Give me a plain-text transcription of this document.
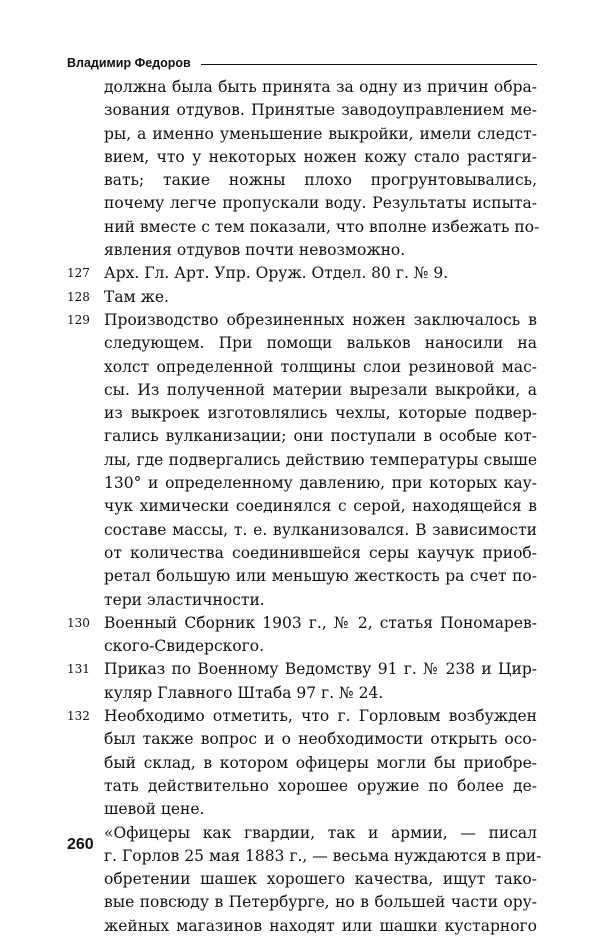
Владимир Федоров
должна была быть принята за одну из причин обра-
зования отдувов. Принятые заводоуправлением ме-
ры, а именно уменьшение выкройки, имели следст-
вием, что у некоторых ножен кожу стало растяги-
вать; такие ножны плохо прогрунтовывались,
почему легче пропускали воду. Результаты испыта-
ний вместе с тем показали, что вполне избежать по-
явления отдувов почти невозможно.
127 Арх. Гл. Арт. Упр. Оруж. Отдел. 80 г. № 9.
128 Там же.
129 Производство обрезиненных ножен заключалось в
следующем. При помощи вальков наносили на
холст определенной толщины слои резиновой мас-
сы. Из полученной материи вырезали выкройки, а
из выкроек изготовлялись чехлы, которые подвер-
гались вулканизации; они поступали в особые кот-
лы, где подвергались действию температуры свыше
130° и определенному давлению, при которых кау-
чук химически соединялся с серой, находящейся в
составе массы, т. е. вулканизовался. В зависимости
от количества соединившейся серы каучук приоб-
ретал большую или меньшую жесткость ра счет по-
тери эластичности.
130 Военный Сборник 1903 г., № 2, статья Пономарев-
ского-Свидерского.
131 Приказ по Военному Ведомству 91 г. № 238 и Цир-
куляр Главного Штаба 97 г. № 24.
132 Необходимо отметить, что г. Горловым возбужден
был также вопрос и о необходимости открыть осо-
бый склад, в котором офицеры могли бы приобре-
тать действительно хорошее оружие по более де-
шевой цене.
«Офицеры как гвардии, так и армии, — писал
г. Горлов 25 мая 1883 г., — весьма нуждаются в при-
обретении шашек хорошего качества, ищут тако-
вые повсюду в Петербурге, но в большей части ору-
жейных магазинов находят или шашки кустарного
260
